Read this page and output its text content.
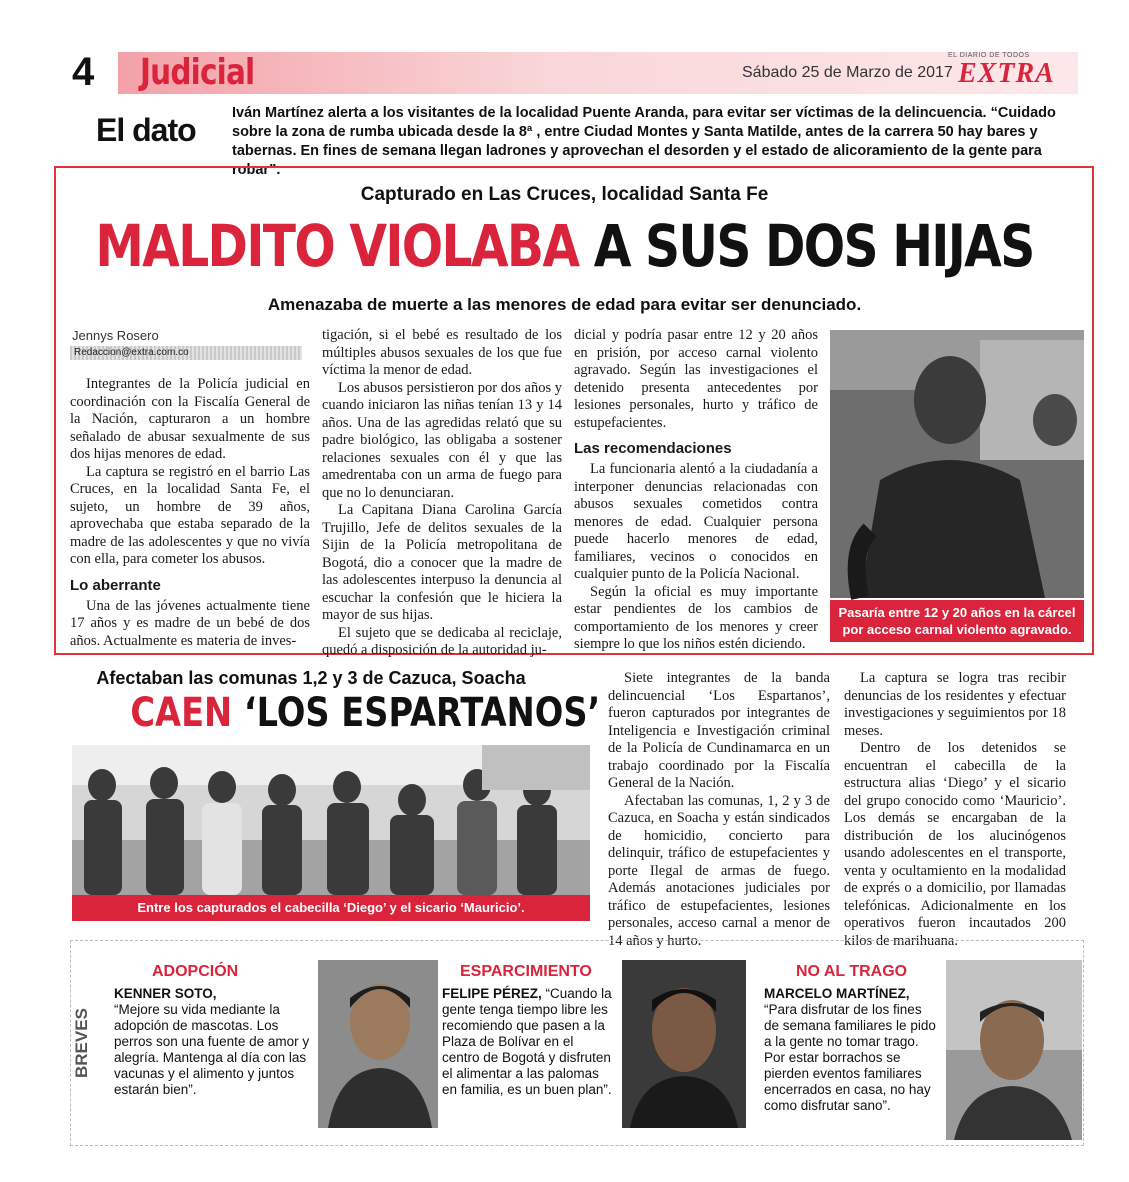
4 Judicial	Sábado 25 de Marzo de 2017
EL DIARIO DE TODOS
EXTRA
El dato	Iván Martínez alerta a los visitantes de la localidad Puente Aranda, para evitar ser víctimas de la delincuencia. “Cuidado sobre la zona de rumba ubicada desde la 8ª , entre Ciudad Montes y Santa Matilde, antes de la carrera 50 hay bares y tabernas. En fines de semana llegan ladrones y aprovechan el desorden y el estado de alicoramiento de la gente para robar”.
Capturado en Las Cruces, localidad Santa Fe
MALDITO VIOLABA A SUS DOS HIJAS
Amenazaba de muerte a las menores de edad para evitar ser denunciado.
Jennys Rosero
Redaccion@extra.com.co

Integrantes de la Policía judicial en coordinación con la Fiscalía General de la Nación, capturaron a un hombre señalado de abusar sexualmente de sus dos hijas menores de edad.

La captura se registró en el barrio Las Cruces, en la localidad Santa Fe, el sujeto, un hombre de 39 años, aprovechaba que estaba separado de la madre de las adolescentes y que no vivía con ella, para cometer los abusos.

Lo aberrante

Una de las jóvenes actualmente tiene 17 años y es madre de un bebé de dos años. Actualmente es materia de inves-

tigación, si el bebé es resultado de los múltiples abusos sexuales de los que fue víctima la menor de edad.

Los abusos persistieron por dos años y cuando iniciaron las niñas tenían 13 y 14 años. Una de las agredidas relató que su padre biológico, las obligaba a sostener relaciones sexuales con él y que las amedrentaba con un arma de fuego para que no lo denunciaran.

La Capitana Diana Carolina García Trujillo, Jefe de delitos sexuales de la Sijin de la Policía metropolitana de Bogotá, dio a conocer que la madre de las adolescentes interpuso la denuncia al escuchar la confesión que le hiciera la mayor de sus hijas.

El sujeto que se dedicaba al reciclaje, quedó a disposición de la autoridad ju-

dicial y podría pasar entre 12 y 20 años en prisión, por acceso carnal violento agravado. Según las investigaciones el detenido presenta antecedentes por lesiones personales, hurto y tráfico de estupefacientes.

Las recomendaciones

La funcionaria alentó a la ciudadanía a interponer denuncias relacionadas con abusos sexuales cometidos contra menores de edad. Cualquier persona puede hacerlo menores de edad, familiares, vecinos o conocidos en cualquier punto de la Policía Nacional.

Según la oficial es muy importante estar pendientes de los cambios de comportamiento de los menores y creer siempre lo que los niños estén diciendo.

Pasaría entre 12 y 20 años en la cárcel
por acceso carnal violento agravado.
Afectaban las comunas 1,2 y 3 de Cazuca, Soacha
CAEN ‘LOS ESPARTANOS’
Entre los capturados el cabecilla ‘Diego’ y el sicario ‘Mauricio’.

Siete integrantes de la banda delincuencial ‘Los Espartanos’, fueron capturados por integrantes de Inteligencia e Investigación criminal de la Policía de Cundinamarca en un trabajo coordinado por la Fiscalía General de la Nación.

Afectaban las comunas, 1, 2 y 3 de Cazuca, en Soacha y están sindicados de homicidio, concierto para delinquir, tráfico de estupefacientes y porte Ilegal de armas de fuego. Además anotaciones judiciales por tráfico de estupefacientes, lesiones personales, acceso carnal a menor de 14 años y hurto.

La captura se logra tras recibir denuncias de los residentes y efectuar investigaciones y seguimientos por 18 meses.

Dentro de los detenidos se encuentran el cabecilla de la estructura alias ‘Diego’ y el sicario del grupo conocido como ‘Mauricio’. Los demás se encargaban de la distribución de los alucinógenos usando adolescentes en el transporte, venta y ocultamiento en la modalidad de exprés o a domicilio, por llamadas telefónicas. Adicionalmente en los operativos fueron incautados 200 kilos de marihuana.

BREVES
ADOPCIÓN
KENNER SOTO,
“Mejore su vida mediante la adopción de mascotas. Los perros son una fuente de amor y alegría. Mantenga al día con las vacunas y el alimento y juntos estarán bien”.
ESPARCIMIENTO
FELIPE PÉREZ, “Cuando la gente tenga tiempo libre les recomiendo que pasen a la Plaza de Bolívar en el centro de Bogotá y disfruten el alimentar a las palomas en familia, es un buen plan”.
NO AL TRAGO
MARCELO MARTÍNEZ,
“Para disfrutar de los fines de semana familiares le pido a la gente no tomar trago. Por estar borrachos se pierden eventos familiares encerrados en casa, no hay como disfrutar sano”.
